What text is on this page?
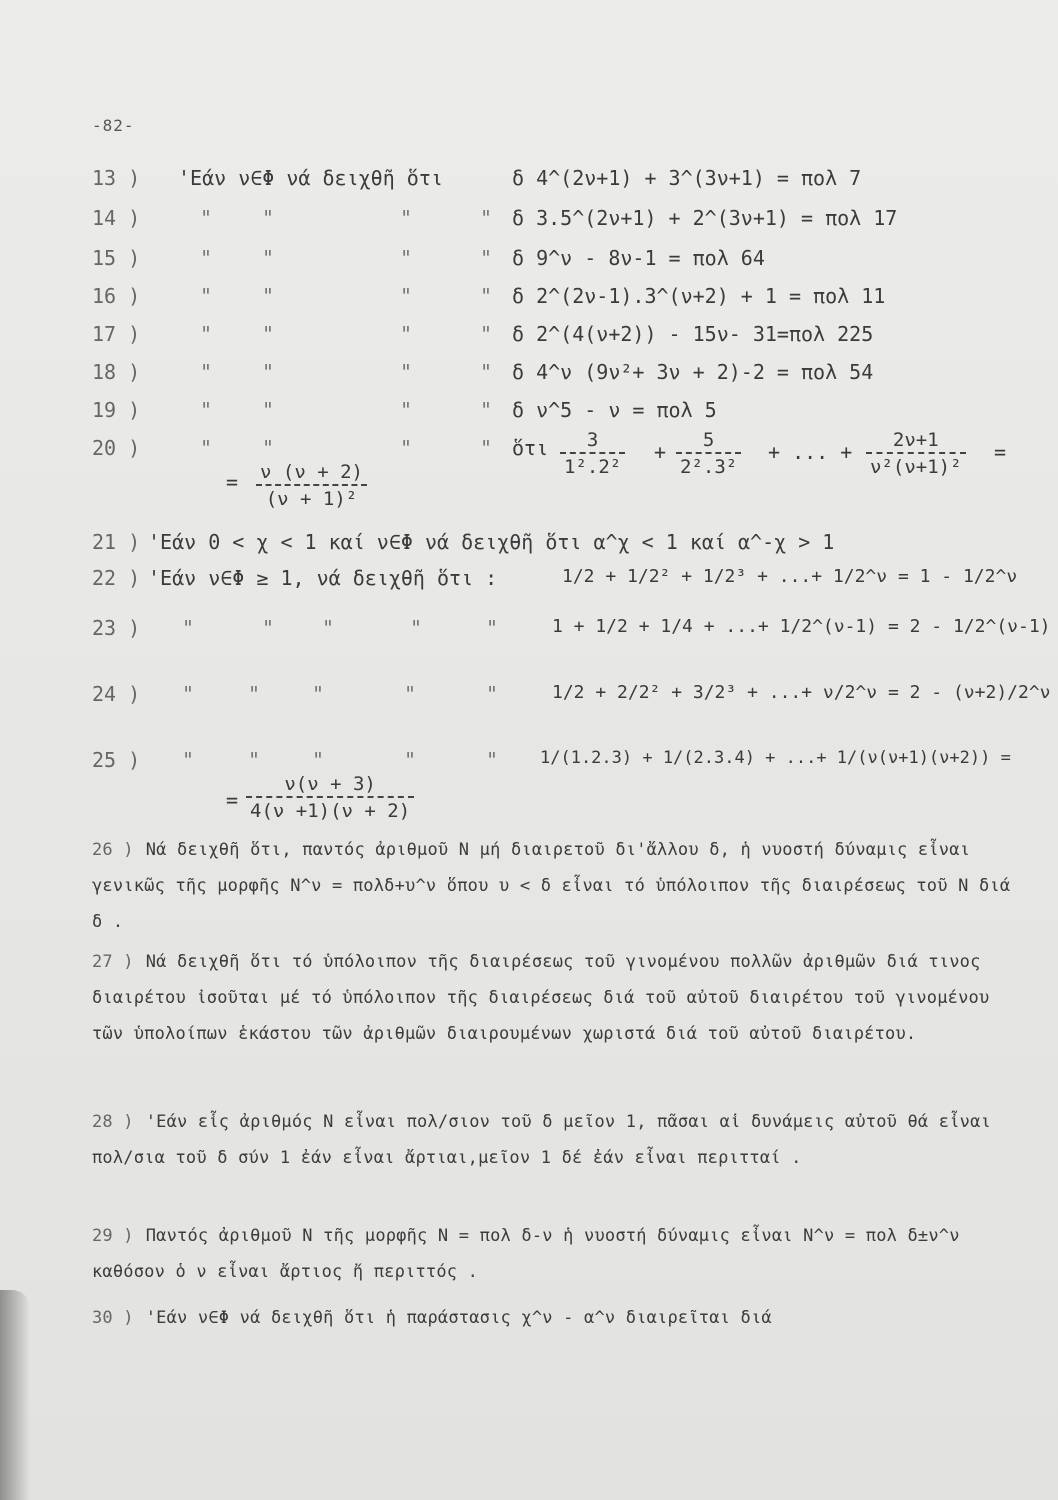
-82-
13 ) 'Εάν ν∈Φ νά δειχθῆ ὅτι	δ 4^(2ν+1) + 3^(3ν+1) = πολ 7
14 )	" "	"	" δ 3.5^(2ν+1) + 2^(3ν+1) = πολ 17
15 )	" "	"	" δ 9^ν - 8ν-1 = πολ 64
16 )	" "	"	" δ 2^(2ν-1).3^(ν+2) + 1 = πολ 11
17 )	" "	"	" δ 2^(4(ν+2)) - 15ν- 31=πολ 225
18 )	" "	"	" δ 4^ν (9ν²+ 3ν + 2)-2 = πολ 54
19 )	" "	"	" δ ν^5 - ν = πολ 5
20 )	" "	"	" ὅτι $\frac{3}{\text{1².2²}} + \frac{5}{\text{2².3²}}$ + ... + $\frac{2\nu+1}{\text{ν²(ν+1)²}}$ =
= $\frac{\nu (\nu + 2)}{\text{(ν + 1)²}}$
21 ) 'Εάν 0 < χ < 1 καί ν∈Φ νά δειχθῆ ὅτι α^χ < 1 καί α^-χ > 1
22 ) 'Εάν ν∈Φ ≥ 1, νά δειχθῆ ὅτι :	1/2 + 1/2² + 1/2³ + ...+ 1/2^ν = 1 - 1/2^ν
23 ) "	" "	"	"	1 + 1/2 + 1/4 + ...+ 1/2^(ν-1) = 2 - 1/2^(ν-1)
24 ) "	"	"	"	"	1/2 + 2/2² + 3/2³ + ...+ ν/2^ν = 2 - (ν+2)/2^ν
25 ) "	"	"	"	" 1/(1.2.3) + 1/(2.3.4) + ...+ 1/(ν(ν+1)(ν+2)) =
= $\frac{\nu(\nu + 3)}{4(\nu +1)(\nu + 2)}$
26 ) Νά δειχθῆ ὅτι, παντός ἀριθμοῦ Ν μή διαιρετοῦ δι'ἄλλου δ, ἡ νυοστή δύναμις εἶναι γενικῶς τῆς μορφῆς Ν^ν = πολδ+υ^ν ὅπου υ < δ εἶναι τό ὑπόλοιπον τῆς διαιρέσεως τοῦ Ν διά δ .
27 ) Νά δειχθῆ ὅτι τό ὑπόλοιπον τῆς διαιρέσεως τοῦ γινομένου πολλῶν ἀριθμῶν διά τινος διαιρέτου ἰσοῦται μέ τό ὑπόλοιπον τῆς διαιρέσεως διά τοῦ αὐτοῦ διαιρέτου τοῦ γινομένου τῶν ὑπολοίπων ἑκάστου τῶν ἀριθμῶν διαιρουμένων χωριστά διά τοῦ αὐτοῦ διαιρέτου.
28 ) 'Εάν εἷς ἀριθμός Ν εἶναι πολ/σιον τοῦ δ μεῖον 1, πᾶσαι αἱ δυνάμεις αὐτοῦ θά εἶναι πολ/σια τοῦ δ σύν 1 ἐάν εἶναι ἄρτιαι,μεῖον 1 δέ ἐάν εἶναι περιτταί .
29 ) Παντός ἀριθμοῦ Ν τῆς μορφῆς Ν = πολ δ-ν ἡ νυοστή δύναμις εἶναι Ν^ν = πολ δ±ν^ν καθόσον ὁ ν εἶναι ἄρτιος ἤ περιττός .
30 ) 'Εάν ν∈Φ νά δειχθῆ ὅτι ἡ παράστασις χ^ν - α^ν διαιρεῖται διά
